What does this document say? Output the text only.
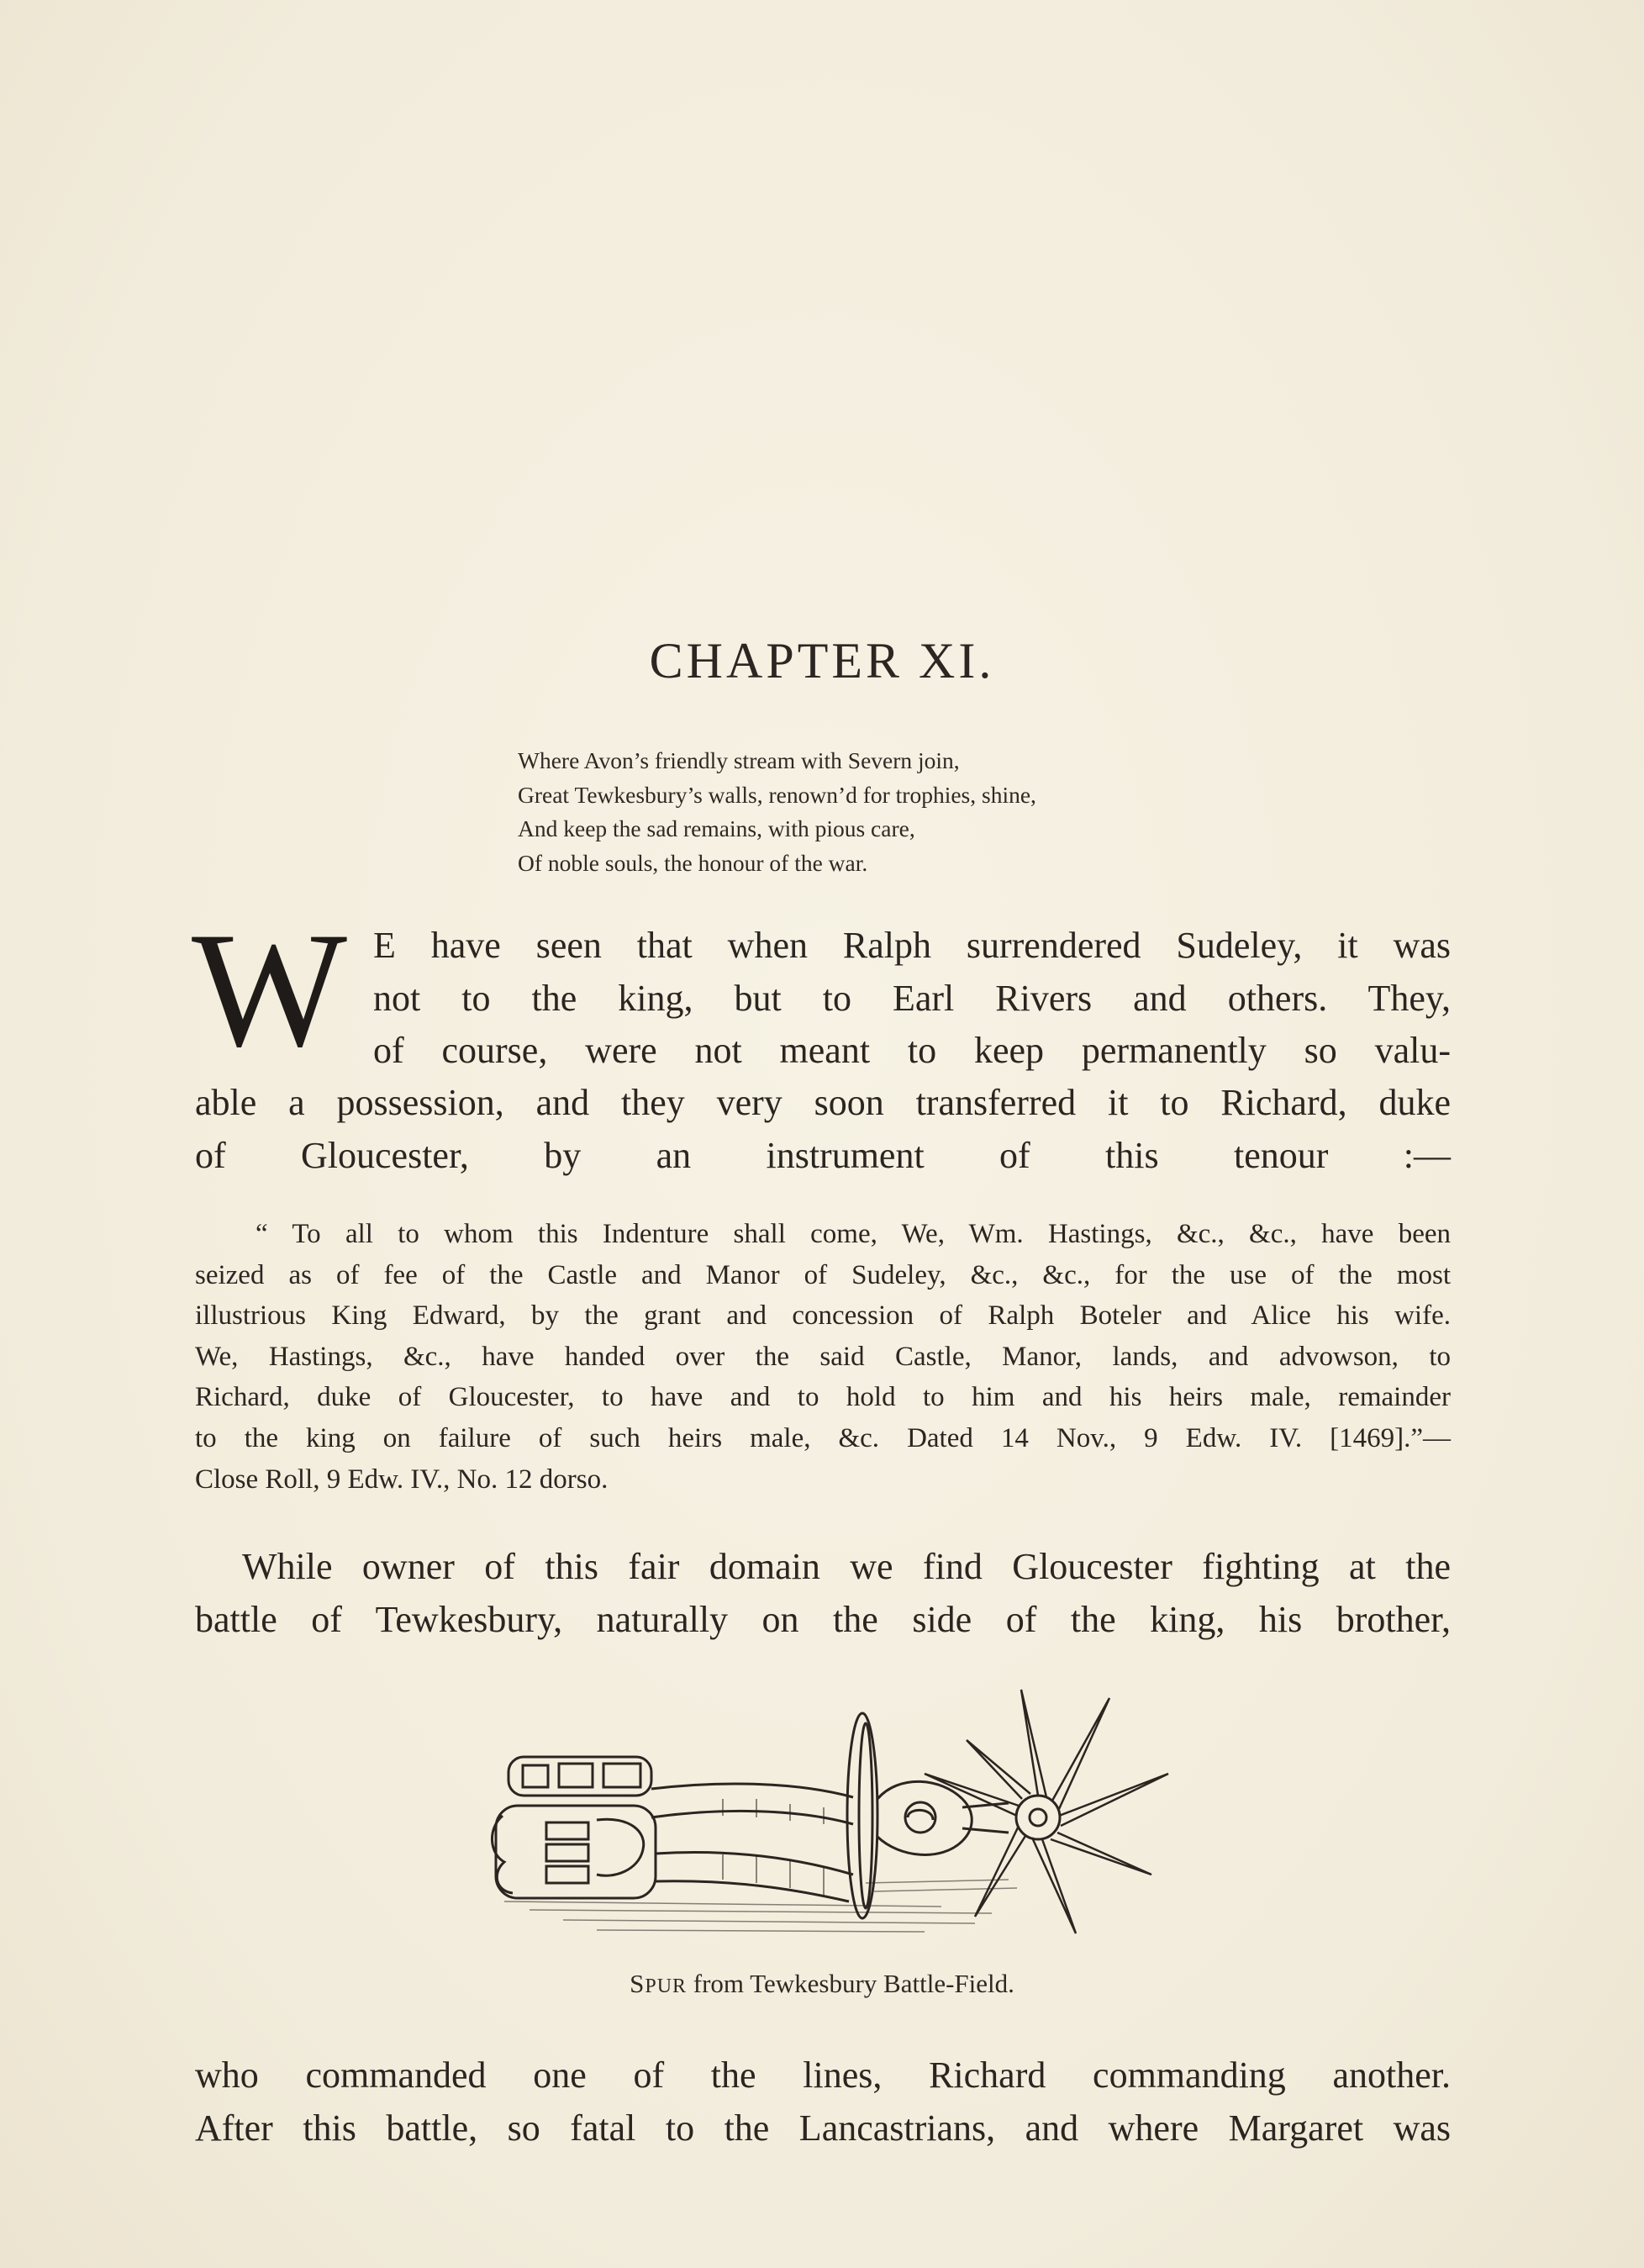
CHAPTER XI.
Where Avon’s friendly stream with Severn join,
Great Tewkesbury’s walls, renown’d for trophies, shine,
And keep the sad remains, with pious care,
Of noble souls, the honour of the war.
W E have seen that when Ralph surrendered Sudeley, it was
not to the king, but to Earl Rivers and others. They,
of course, were not meant to keep permanently so valu-
able a possession, and they very soon transferred it to Richard, duke
of Gloucester, by an instrument of this tenour :—
“ To all to whom this Indenture shall come, We, Wm. Hastings, &c., &c., have been
seized as of fee of the Castle and Manor of Sudeley, &c., &c., for the use of the most
illustrious King Edward, by the grant and concession of Ralph Boteler and Alice his wife.
We, Hastings, &c., have handed over the said Castle, Manor, lands, and advowson, to
Richard, duke of Gloucester, to have and to hold to him and his heirs male, remainder
to the king on failure of such heirs male, &c. Dated 14 Nov., 9 Edw. IV. [1469].”—
Close Roll, 9 Edw. IV., No. 12 dorso.
While owner of this fair domain we find Gloucester fighting at the
battle of Tewkesbury, naturally on the side of the king, his brother,
SPUR from Tewkesbury Battle-Field.
who commanded one of the lines, Richard commanding another.
After this battle, so fatal to the Lancastrians, and where Margaret was
